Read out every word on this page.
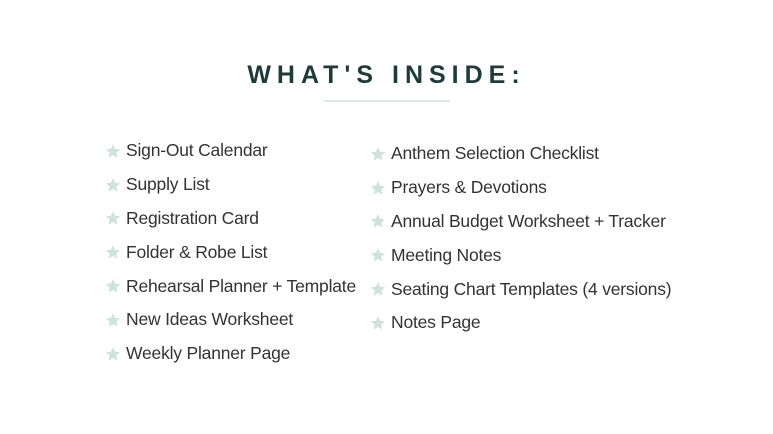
WHAT'S INSIDE:
Sign-Out Calendar
Supply List
Registration Card
Folder & Robe List
Rehearsal Planner + Template
New Ideas Worksheet
Weekly Planner Page
Anthem Selection Checklist
Prayers & Devotions
Annual Budget Worksheet + Tracker
Meeting Notes
Seating Chart Templates (4 versions)
Notes Page
